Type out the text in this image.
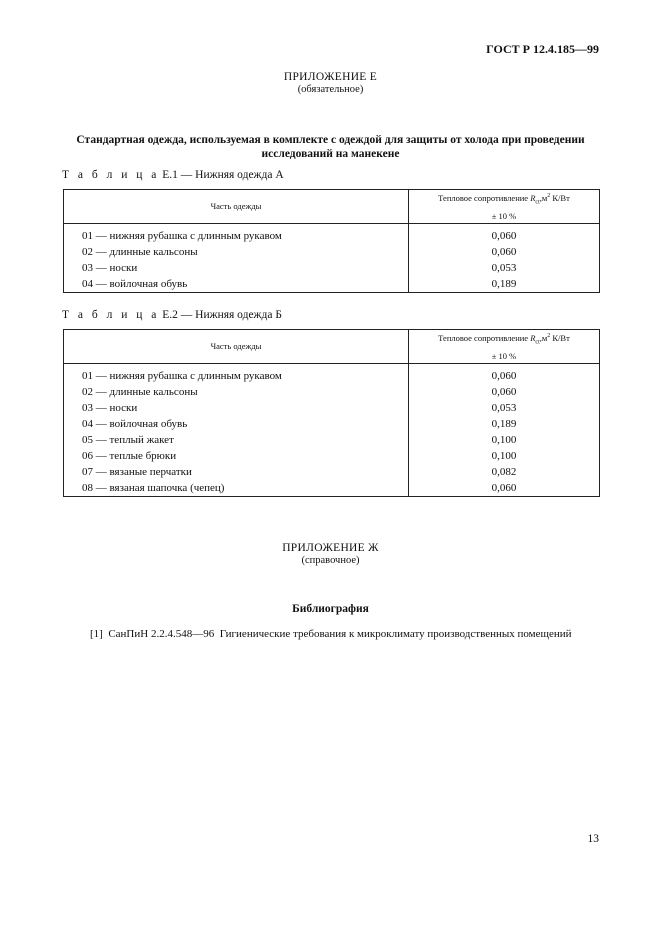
ГОСТ Р 12.4.185—99
ПРИЛОЖЕНИЕ Е
(обязательное)
Стандартная одежда, используемая в комплекте с одеждой для защиты от холода при проведении
исследований на манекене
Т а б л и ц а Е.1 — Нижняя одежда А
Часть одежды	Тепловое сопротивление $R_{ct},м^2$ К/Вт
± 10 %

01 — нижняя рубашка с длинным рукавом	0,060
02 — длинные кальсоны	0,060
03 — носки	0,053
04 — войлочная обувь	0,189
Т а б л и ц а Е.2 — Нижняя одежда Б
Часть одежды	Тепловое сопротивление $R_{ct},м^2$ К/Вт
± 10 %

01 — нижняя рубашка с длинным рукавом	0,060
02 — длинные кальсоны	0,060
03 — носки	0,053
04 — войлочная обувь	0,189
05 — теплый жакет	0,100
06 — теплые брюки	0,100
07 — вязаные перчатки	0,082
08 — вязаная шапочка (чепец)	0,060
ПРИЛОЖЕНИЕ Ж
(справочное)
Библиография
[1] СанПиН 2.2.4.548—96  Гигиенические требования к микроклимату производственных помещений
13
